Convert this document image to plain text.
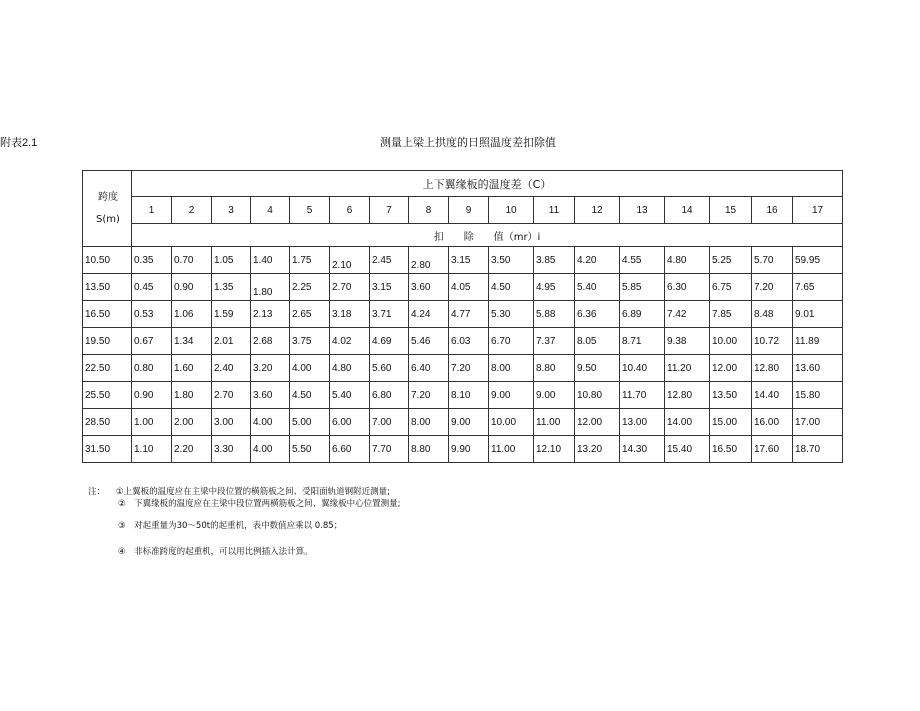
附表2.1	测量上梁上拱度的日照温度差扣除值
跨度

S(m)	上下翼缘板的温度差（C）																
	1	2	3	4	5	6	7	8	9	10	11	12	13	14	15	16	17
	扣　　除　　值（mr）i																
10.50	0.35	0.70	1.05	1.40	1.75	2.10	2.45	2.80	3.15	3.50	3.85	4.20	4.55	4.80	5.25	5.70	59.95
13.50	0.45	0.90	1.35	1.80	2.25	2.70	3.15	3.60	4.05	4.50	4.95	5.40	5.85	6.30	6.75	7.20	7.65
16.50	0.53	1.06	1.59	2.13	2.65	3.18	3.71	4.24	4.77	5.30	5.88	6.36	6.89	7.42	7.85	8.48	9.01
19.50	0.67	1.34	2.01	2.68	3.75	4.02	4.69	5.46	6.03	6.70	7.37	8.05	8.71	9.38	10.00	10.72	11.89
22.50	0.80	1.60	2.40	3.20	4.00	4.80	5.60	6.40	7.20	8.00	8.80	9.50	10.40	11.20	12.00	12.80	13.60
25.50	0.90	1.80	2.70	3.60	4.50	5.40	6.80	7.20	8.10	9.00	9.00	10.80	11.70	12.80	13.50	14.40	15.80
28.50	1.00	2.00	3.00	4.00	5.00	6.00	7.00	8.00	9.00	10.00	11.00	12.00	13.00	14.00	15.00	16.00	17.00
31.50	1.10	2.20	3.30	4.00	5.50	6.60	7.70	8.80	9.90	11.00	12.10	13.20	14.30	15.40	16.50	17.60	18.70
注： ①上翼板的温度应在主梁中段位置的横筋板之间、受阳面轨道钢附近测量;
②　下翼缘板的温度应在主梁中段位置两横筋板之间、翼缘板中心位置测量;
③　对起重量为30～50t的起重机，表中数值应乘以 0.85；
④　非标准跨度的起重机，可以用比例插入法计算。
